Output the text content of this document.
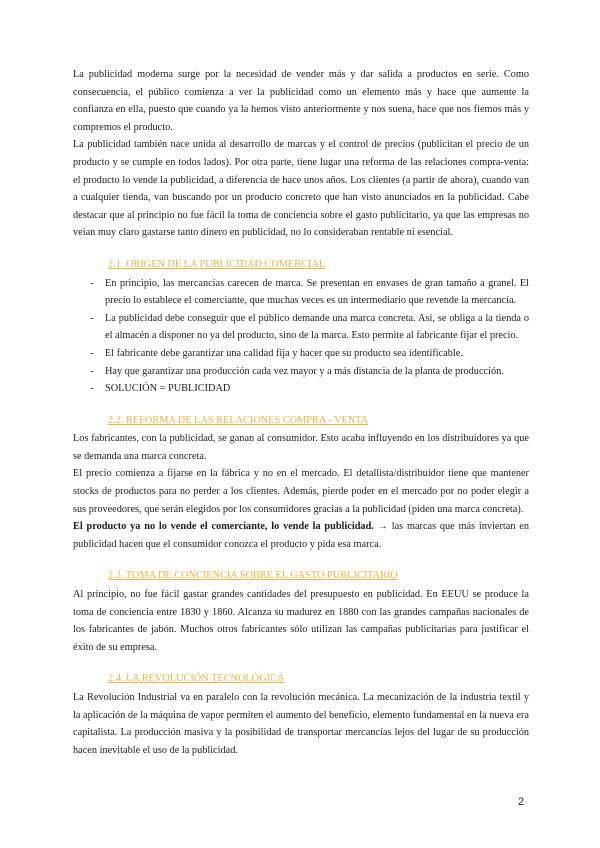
La publicidad moderna surge por la necesidad de vender más y dar salida a productos en serie. Como consecuencia, el público comienza a ver la publicidad como un elemento más y hace que aumente la confianza en ella, puesto que cuando ya la hemos visto anteriormente y nos suena, hace que nos fiemos más y compremos el producto.

La publicidad también nace unida al desarrollo de marcas y el control de precios (publicitan el precio de un producto y se cumple en todos lados). Por otra parte, tiene lugar una reforma de las relaciones compra-venta: el producto lo vende la publicidad, a diferencia de hace unos años. Los clientes (a partir de ahora), cuando van a cualquier tienda, van buscando por un producto concreto que han visto anunciados en la publicidad. Cabe destacar que al principio no fue fácil la toma de conciencia sobre el gasto publicitario, ya que las empresas no veían muy claro gastarse tanto dinero en publicidad, no lo consideraban rentable ni esencial.

2.1. ORIGEN DE LA PUBLICIDAD COMERCIAL
- En principio, las mercancías carecen de marca. Se presentan en envases de gran tamaño a granel. El precio lo establece el comerciante, que muchas veces es un intermediario que revende la mercancía.
- La publicidad debe conseguir que el público demande una marca concreta. Así, se obliga a la tienda o el almacén a disponer no ya del producto, sino de la marca. Esto permite al fabricante fijar el precio.
- El fabricante debe garantizar una calidad fija y hacer que su producto sea identificable.
- Hay que garantizar una producción cada vez mayor y a más distancia de la planta de producción.
- SOLUCIÓN = PUBLICIDAD
2.2. REFORMA DE LAS RELACIONES COMPRA - VENTA

Los fabricantes, con la publicidad, se ganan al consumidor. Esto acaba influyendo en los distribuidores ya que se demanda una marca concreta.

El precio comienza a fijarse en la fábrica y no en el mercado. El detallista/distribuidor tiene que mantener stocks de productos para no perder a los clientes. Además, pierde poder en el mercado por no poder elegir a sus proveedores, que serán elegidos por los consumidores gracias a la publicidad (piden una marca concreta).

El producto ya no lo vende el comerciante, lo vende la publicidad. → las marcas que más inviertan en publicidad hacen que el consumidor conozca el producto y pida esa marca.

2.3. TOMA DE CONCIENCIA SOBRE EL GASTO PUBLICITARIO

Al principio, no fue fácil gastar grandes cantidades del presupuesto en publicidad. En EEUU se produce la toma de conciencia entre 1830 y 1860. Alcanza su madurez en 1880 con las grandes campañas nacionales de los fabricantes de jabón. Muchos otros fabricantes sólo utilizan las campañas publicitarias para justificar el éxito de su empresa.

2.4. LA REVOLUCIÓN TECNOLÓGICA

La Revolución Industrial va en paralelo con la revolución mecánica. La mecanización de la industria textil y la aplicación de la máquina de vapor permiten el aumento del beneficio, elemento fundamental en la nueva era capitalista. La producción masiva y la posibilidad de transportar mercancías lejos del lugar de su producción hacen inevitable el uso de la publicidad.

2
